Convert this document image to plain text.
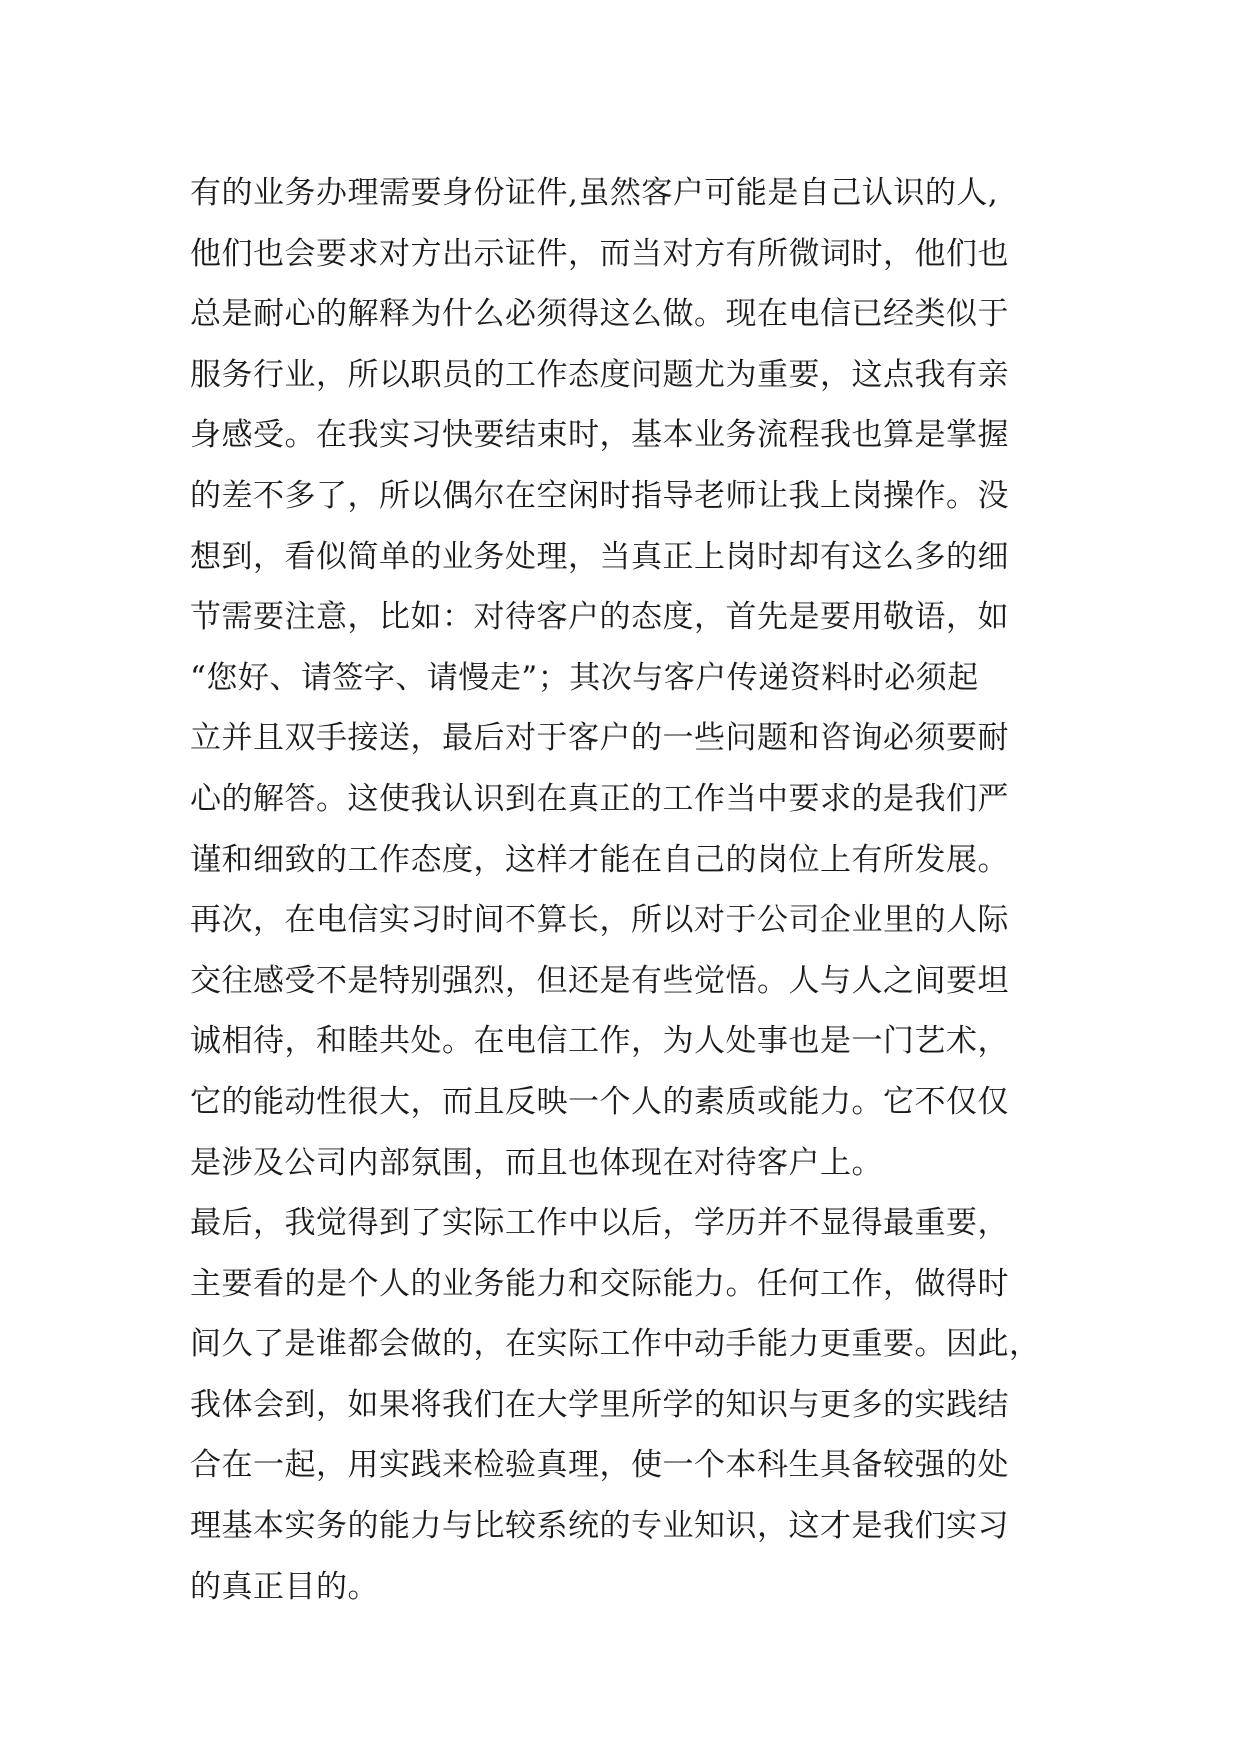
有的业务办理需要身份证件,虽然客户可能是自己认识的人,
他们也会要求对方出示证件，而当对方有所微词时，他们也
总是耐心的解释为什么必须得这么做。现在电信已经类似于
服务行业，所以职员的工作态度问题尤为重要，这点我有亲
身感受。在我实习快要结束时，基本业务流程我也算是掌握
的差不多了，所以偶尔在空闲时指导老师让我上岗操作。没
想到，看似简单的业务处理，当真正上岗时却有这么多的细
节需要注意，比如：对待客户的态度，首先是要用敬语，如
“您好、请签字、请慢走”；其次与客户传递资料时必须起
立并且双手接送，最后对于客户的一些问题和咨询必须要耐
心的解答。这使我认识到在真正的工作当中要求的是我们严
谨和细致的工作态度，这样才能在自己的岗位上有所发展。
再次，在电信实习时间不算长，所以对于公司企业里的人际
交往感受不是特别强烈，但还是有些觉悟。人与人之间要坦
诚相待，和睦共处。在电信工作，为人处事也是一门艺术，
它的能动性很大，而且反映一个人的素质或能力。它不仅仅
是涉及公司内部氛围，而且也体现在对待客户上。
最后，我觉得到了实际工作中以后，学历并不显得最重要，
主要看的是个人的业务能力和交际能力。任何工作，做得时
间久了是谁都会做的，在实际工作中动手能力更重要。因此，
我体会到，如果将我们在大学里所学的知识与更多的实践结
合在一起，用实践来检验真理，使一个本科生具备较强的处
理基本实务的能力与比较系统的专业知识，这才是我们实习
的真正目的。
